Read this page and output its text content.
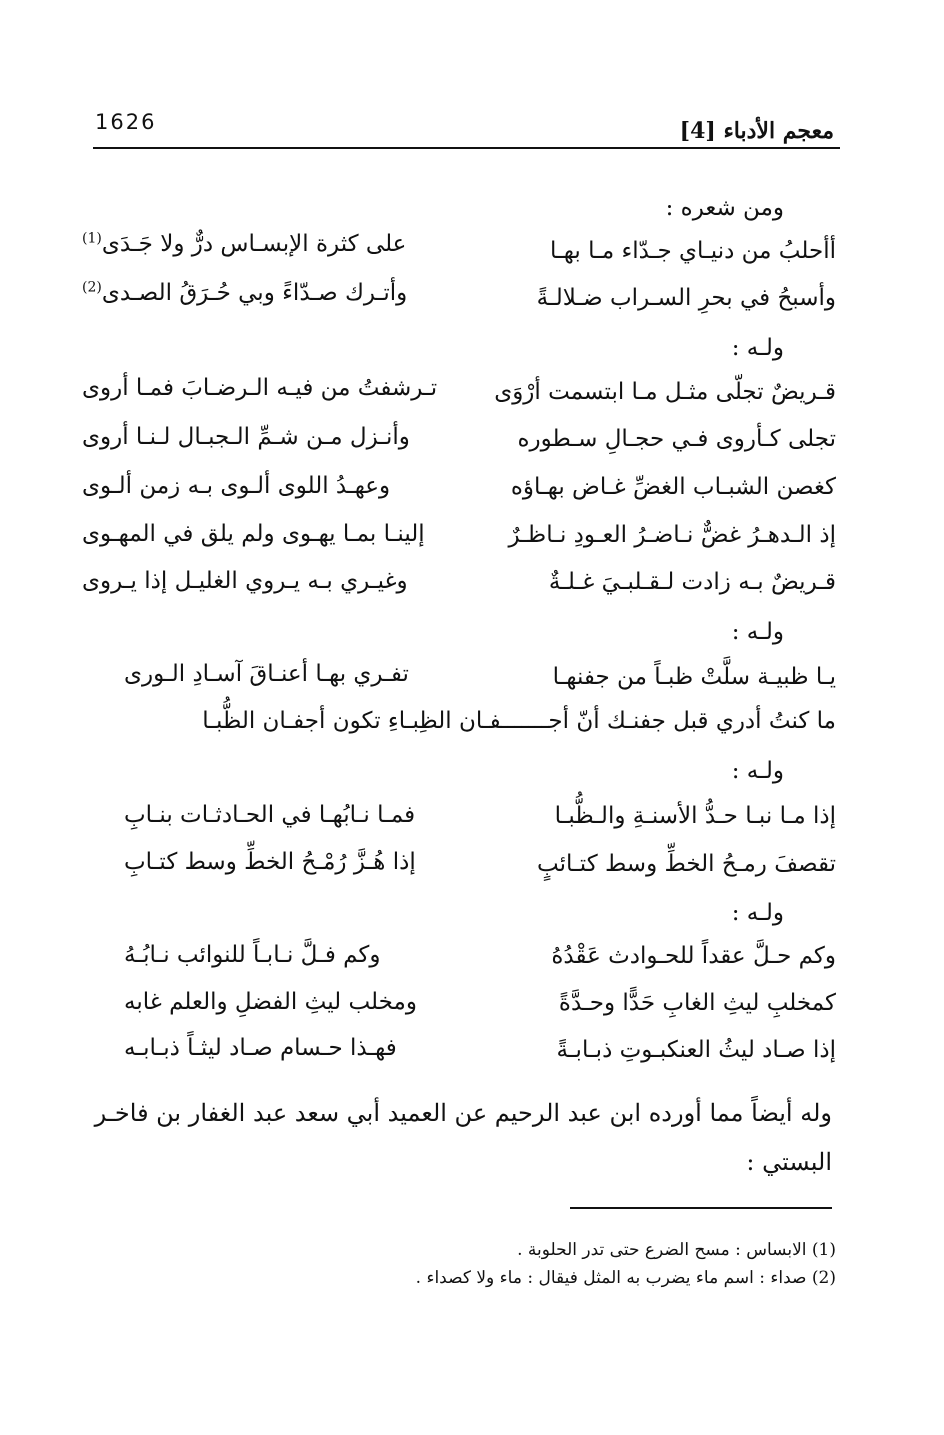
معجم الأدباء [4]
1626
ومن شعره :
أأحلبُ من دنيـاي جـدّاء مـا بهـا
على كثرة الإبسـاس درٌّ ولا جَـدَى$^{(1)}$
وأسبحُ في بحرِ السـراب ضـلالـةً
وأتـرك صـدّاءً وبي حُـرَقُ الصـدى$^{(2)}$
ولـه :
قـريضٌ تجلّى مثـل مـا ابتسمت أرْوَى
تـرشفتُ من فيـه الـرضـابَ فمـا أروى
تجلى كـأروى فـي حجـالِ سـطوره
وأنـزل مـن شـمِّ الـجبـال لـنـا أروى
كغصن الشبـاب الغضِّ غـاض بهـاؤه
وعهـدُ اللوى ألـوى بـه زمن ألـوى
إذ الـدهـرُ غضٌّ نـاضـرُ العـودِ نـاظـرٌ
إلينـا بمـا يهـوى ولم يلق في المهـوى
قـريضٌ بـه زادت لـقـلبـيَ غـلـةٌ
وغيـري بـه يـروي الغليـل إذا يـروى
ولـه :
يـا ظبيـة سلَّتْ ظبـاً من جفنهـا
تفـري بهـا أعنـاقَ آسـادِ الـورى
ما كنتُ أدري قبل جفنـك أنّ أجـــــــفـان الظِبـاءِ تكون أجفـان الظُّبـا
ولـه :
إذا مـا نبـا حـدُّ الأسنـةِ والـظُّبـا
فمـا نـابُهـا في الحـادثـات بنـابِ
تقصفَ رمـحُ الخطِّ وسط كتـائبٍ
إذا هُـزَّ رُمْـحُ الخطِّ وسط كتـابِ
ولـه :
وكم حـلَّ عقداً للحـوادث عَقْدُهُ
وكم فـلَّ نـابـاً للنوائب نـابُـهُ
كمخلبِ ليثِ الغابِ حَدًّا وحـدَّةً
ومخلب ليثِ الفضلِ والعلم غابه
إذا صـاد ليثُ العنكبـوتِ ذبـابـةً
فهـذا حـسام صـاد ليثـاً ذبـابـه
وله أيضاً مما أورده ابن عبد الرحيم عن العميد أبي سعد عبد الغفار بن فاخـر
البستي :
(1) الابساس : مسح الضرع حتى تدر الحلوبة .
(2) صداء : اسم ماء يضرب به المثل فيقال : ماء ولا كصداء .
